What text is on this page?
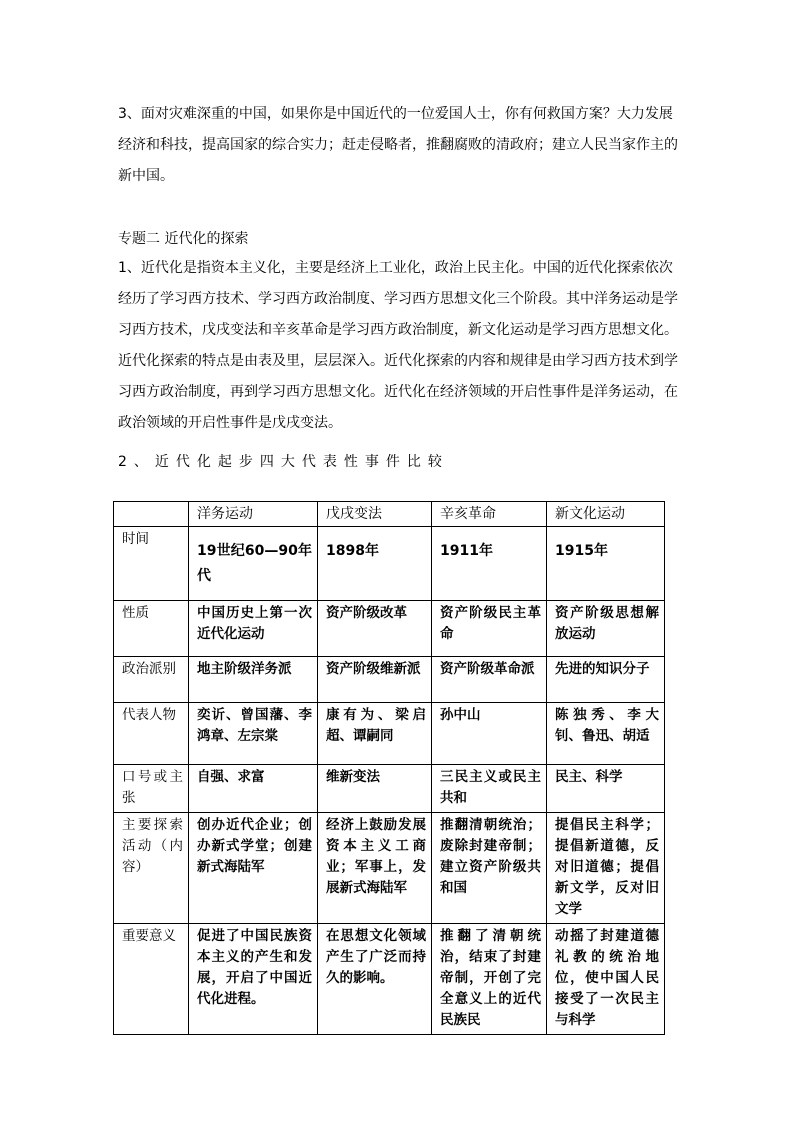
3、面对灾难深重的中国，如果你是中国近代的一位爱国人士，你有何救国方案？大力发展经济和科技，提高国家的综合实力；赶走侵略者，推翻腐败的清政府；建立人民当家作主的新中国。

专题二 近代化的探索

1、近代化是指资本主义化，主要是经济上工业化，政治上民主化。中国的近代化探索依次经历了学习西方技术、学习西方政治制度、学习西方思想文化三个阶段。其中洋务运动是学习西方技术，戊戌变法和辛亥革命是学习西方政治制度，新文化运动是学习西方思想文化。近代化探索的特点是由表及里，层层深入。近代化探索的内容和规律是由学习西方技术到学习西方政治制度，再到学习西方思想文化。近代化在经济领域的开启性事件是洋务运动，在政治领域的开启性事件是戊戌变法。

2、近代化起步四大代表性事件比较

	洋务运动	戊戌变法	辛亥革命	新文化运动
时间	19世纪60—90年代	1898年	1911年	1915年
性质	中国历史上第一次近代化运动	资产阶级改革	资产阶级民主革命	资产阶级思想解放运动
政治派别	地主阶级洋务派	资产阶级维新派	资产阶级革命派	先进的知识分子
代表人物	奕䜣、曾国藩、李鸿章、左宗棠	康有为、梁启超、谭嗣同	孙中山	陈独秀、李大钊、鲁迅、胡适
口号或主张	自强、求富	维新变法	三民主义或民主共和	民主、科学
主要探索活动（内容）	创办近代企业；创办新式学堂；创建新式海陆军	经济上鼓励发展资本主义工商业；军事上，发展新式海陆军	推翻清朝统治；废除封建帝制；建立资产阶级共和国	提倡民主科学；提倡新道德，反对旧道德；提倡新文学，反对旧文学
重要意义	促进了中国民族资本主义的产生和发展，开启了中国近代化进程。	在思想文化领域产生了广泛而持久的影响。	推翻了清朝统治，结束了封建帝制，开创了完全意义上的近代民族民	动摇了封建道德礼教的统治地位，使中国人民接受了一次民主与科学
